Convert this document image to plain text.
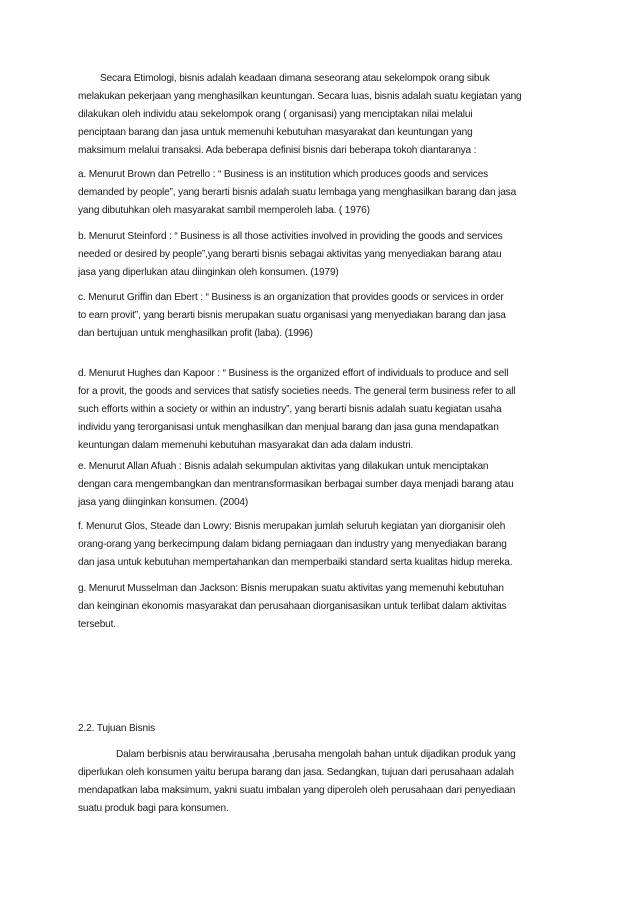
Secara Etimologi, bisnis adalah keadaan dimana seseorang atau sekelompok orang sibuk
melakukan pekerjaan yang menghasilkan keuntungan. Secara luas, bisnis adalah suatu kegiatan yang
dilakukan oleh individu atau sekelompok orang ( organisasi) yang menciptakan nilai melalui
penciptaan barang dan jasa untuk memenuhi kebutuhan masyarakat dan keuntungan yang
maksimum melalui transaksi. Ada beberapa definisi bisnis dari beberapa tokoh diantaranya :
a. Menurut Brown dan Petrello : “ Business is an institution which produces goods and services
demanded by people”, yang berarti bisnis adalah suatu lembaga yang menghasilkan barang dan jasa
yang dibutuhkan oleh masyarakat sambil memperoleh laba. ( 1976)
b. Menurut Steinford : “ Business is all those activities involved in providing the goods and services
needed or desired by people”,yang berarti bisnis sebagai aktivitas yang menyediakan barang atau
jasa yang diperlukan atau diinginkan oleh konsumen. (1979)
c. Menurut Griffin dan Ebert : “ Business is an organization that provides goods or services in order
to earn provit”, yang berarti bisnis merupakan suatu organisasi yang menyediakan barang dan jasa
dan bertujuan untuk menghasilkan profit (laba). (1996)
d. Menurut Hughes dan Kapoor : “ Business is the organized effort of individuals to produce and sell
for a provit, the goods and services that satisfy societies needs. The general term business refer to all
such efforts within a society or within an industry”, yang berarti bisnis adalah suatu kegiatan usaha
individu yang terorganisasi untuk menghasilkan dan menjual barang dan jasa guna mendapatkan
keuntungan dalam memenuhi kebutuhan masyarakat dan ada dalam industri.
e. Menurut Allan Afuah : Bisnis adalah sekumpulan aktivitas yang dilakukan untuk menciptakan
dengan cara mengembangkan dan mentransformasikan berbagai sumber daya menjadi barang atau
jasa yang diinginkan konsumen. (2004)
f. Menurut Glos, Steade dan Lowry: Bisnis merupakan jumlah seluruh kegiatan yan diorganisir oleh
orang-orang yang berkecimpung dalam bidang perniagaan dan industry yang menyediakan barang
dan jasa untuk kebutuhan mempertahankan dan memperbaiki standard serta kualitas hidup mereka.
g. Menurut Musselman dan Jackson: Bisnis merupakan suatu aktivitas yang memenuhi kebutuhan
dan keinginan ekonomis masyarakat dan perusahaan diorganisasikan untuk terlibat dalam aktivitas
tersebut.
2.2. Tujuan Bisnis
Dalam berbisnis atau berwirausaha ,berusaha mengolah bahan untuk dijadikan produk yang
diperlukan oleh konsumen yaitu berupa barang dan jasa. Sedangkan, tujuan dari perusahaan adalah
mendapatkan laba maksimum, yakni suatu imbalan yang diperoleh oleh perusahaan dari penyediaan
suatu produk bagi para konsumen.
